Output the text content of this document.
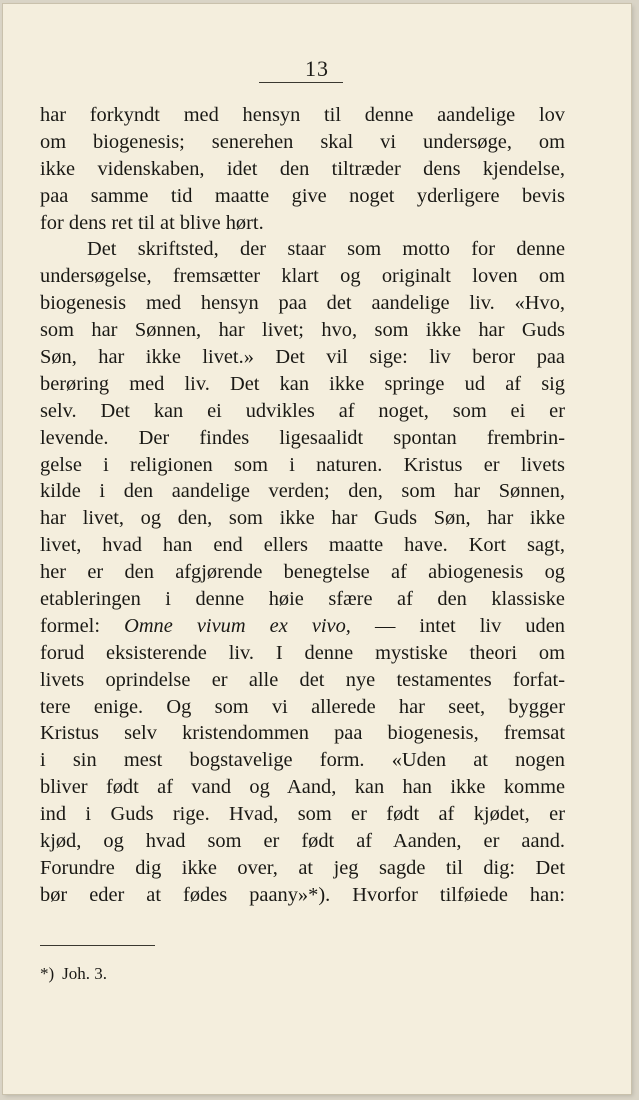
13
har forkyndt med hensyn til denne aandelige lov
om biogenesis; senerehen skal vi undersøge, om
ikke videnskaben, idet den tiltræder dens kjendelse,
paa samme tid maatte give noget yderligere bevis
for dens ret til at blive hørt.
Det skriftsted, der staar som motto for denne
undersøgelse, fremsætter klart og originalt loven om
biogenesis med hensyn paa det aandelige liv. «Hvo,
som har Sønnen, har livet; hvo, som ikke har Guds
Søn, har ikke livet.» Det vil sige: liv beror paa
berøring med liv. Det kan ikke springe ud af sig
selv. Det kan ei udvikles af noget, som ei er
levende. Der findes ligesaalidt spontan frembrin-
gelse i religionen som i naturen. Kristus er livets
kilde i den aandelige verden; den, som har Sønnen,
har livet, og den, som ikke har Guds Søn, har ikke
livet, hvad han end ellers maatte have. Kort sagt,
her er den afgjørende benegtelse af abiogenesis og
etableringen i denne høie sfære af den klassiske
formel: Omne vivum ex vivo, — intet liv uden
forud eksisterende liv. I denne mystiske theori om
livets oprindelse er alle det nye testamentes forfat-
tere enige. Og som vi allerede har seet, bygger
Kristus selv kristendommen paa biogenesis, fremsat
i sin mest bogstavelige form. «Uden at nogen
bliver født af vand og Aand, kan han ikke komme
ind i Guds rige. Hvad, som er født af kjødet, er
kjød, og hvad som er født af Aanden, er aand.
Forundre dig ikke over, at jeg sagde til dig: Det
bør eder at fødes paany»*). Hvorfor tilføiede han:
*) Joh. 3.
